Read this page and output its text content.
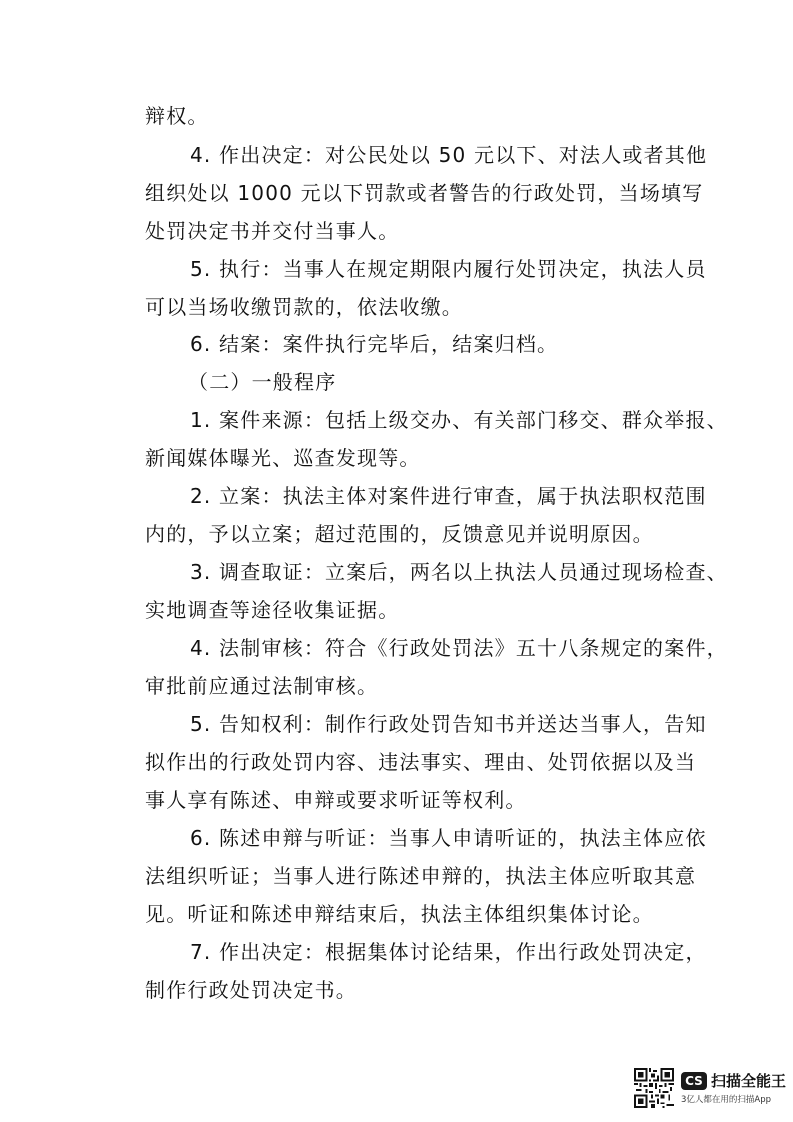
辩权。

4. 作出决定：对公民处以 50 元以下、对法人或者其他

组织处以 1000 元以下罚款或者警告的行政处罚，当场填写

处罚决定书并交付当事人。

5. 执行：当事人在规定期限内履行处罚决定，执法人员

可以当场收缴罚款的，依法收缴。

6. 结案：案件执行完毕后，结案归档。

（二）一般程序

1. 案件来源：包括上级交办、有关部门移交、群众举报、

新闻媒体曝光、巡查发现等。

2. 立案：执法主体对案件进行审查，属于执法职权范围

内的，予以立案；超过范围的，反馈意见并说明原因。

3. 调查取证：立案后，两名以上执法人员通过现场检查、

实地调查等途径收集证据。

4. 法制审核：符合《行政处罚法》五十八条规定的案件，

审批前应通过法制审核。

5. 告知权利：制作行政处罚告知书并送达当事人，告知

拟作出的行政处罚内容、违法事实、理由、处罚依据以及当

事人享有陈述、申辩或要求听证等权利。

6. 陈述申辩与听证：当事人申请听证的，执法主体应依

法组织听证；当事人进行陈述申辩的，执法主体应听取其意

见。听证和陈述申辩结束后，执法主体组织集体讨论。

7. 作出决定：根据集体讨论结果，作出行政处罚决定，

制作行政处罚决定书。

CS 扫描全能王
3亿人都在用的扫描App
